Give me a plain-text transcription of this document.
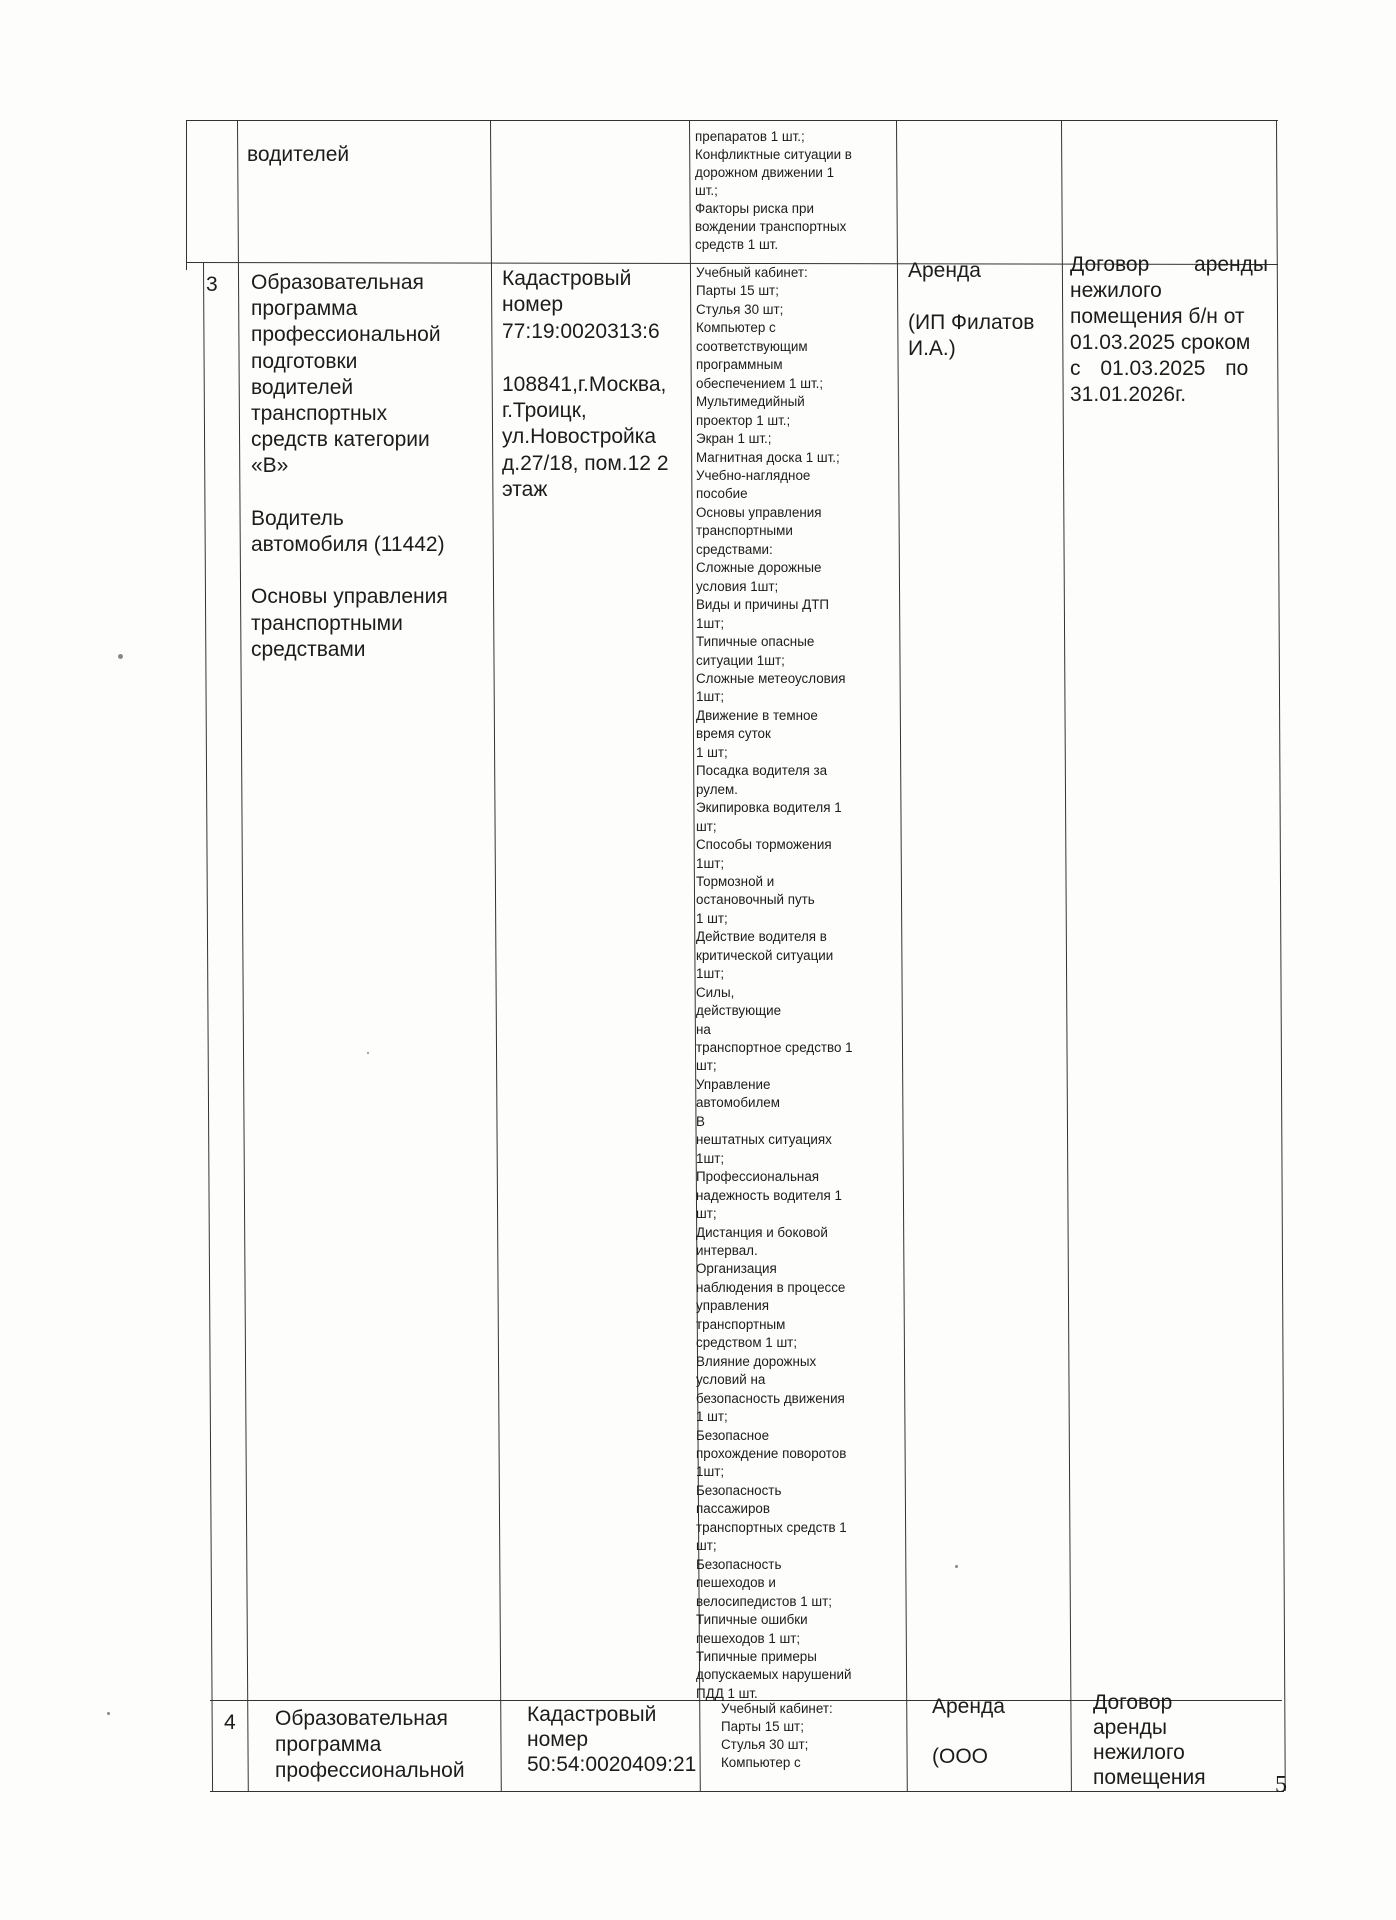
водителей
препаратов 1 шт.;
Конфликтные ситуации в
дорожном движении 1
шт.;
Факторы риска при
вождении транспортных
средств 1 шт.
3 Образовательная
программа
профессиональной
подготовки
водителей
транспортных
средств категории
«В»

Водитель
автомобиля (11442)

Основы управления
транспортными
средствами
Кадастровый
номер
77:19:0020313:6

108841,г.Москва,
г.Троицк,
ул.Новостройка
д.27/18, пом.12 2
этаж
Учебный кабинет:
Парты 15 шт;
Стулья 30 шт;
Компьютер с
соответствующим
программным
обеспечением 1 шт.;
Мультимедийный
проектор 1 шт.;
Экран 1 шт.;
Магнитная доска 1 шт.;
Учебно-наглядное
пособие
Основы управления
транспортными
средствами:
Сложные дорожные
условия 1шт;
Виды и причины ДТП
1шт;
Типичные опасные
ситуации 1шт;
Сложные метеоусловия
1шт;
Движение в темное
время суток
1 шт;
Посадка водителя за
рулем.
Экипировка водителя 1
шт;
Способы торможения
1шт;
Тормозной и
остановочный путь
1 шт;
Действие водителя в
критической ситуации
1шт;
Силы,
действующие
на
транспортное средство 1
шт;
Управление
автомобилем
В
нештатных ситуациях
1шт;
Профессиональная
надежность водителя 1
шт;
Дистанция и боковой
интервал.
Организация
наблюдения в процессе
управления
транспортным
средством 1 шт;
Влияние дорожных
условий на
безопасность движения
1 шт;
Безопасное
прохождение поворотов
1шт;
Безопасность
пассажиров
транспортных средств 1
шт;
Безопасность
пешеходов и
велосипедистов 1 шт;
Типичные ошибки
пешеходов 1 шт;
Типичные примеры
допускаемых нарушений
ПДД 1 шт.
Аренда

(ИП Филатов
И.А.)
Договор аренды
нежилого
помещения б/н от
01.03.2025 сроком
с 01.03.2025 по
31.01.2026г.
4 Образовательная
программа
профессиональной
Кадастровый
номер
50:54:0020409:21
Учебный кабинет:
Парты 15 шт;
Стулья 30 шт;
Компьютер с
Аренда

(ООО
Договор аренды
нежилого
помещения	5
